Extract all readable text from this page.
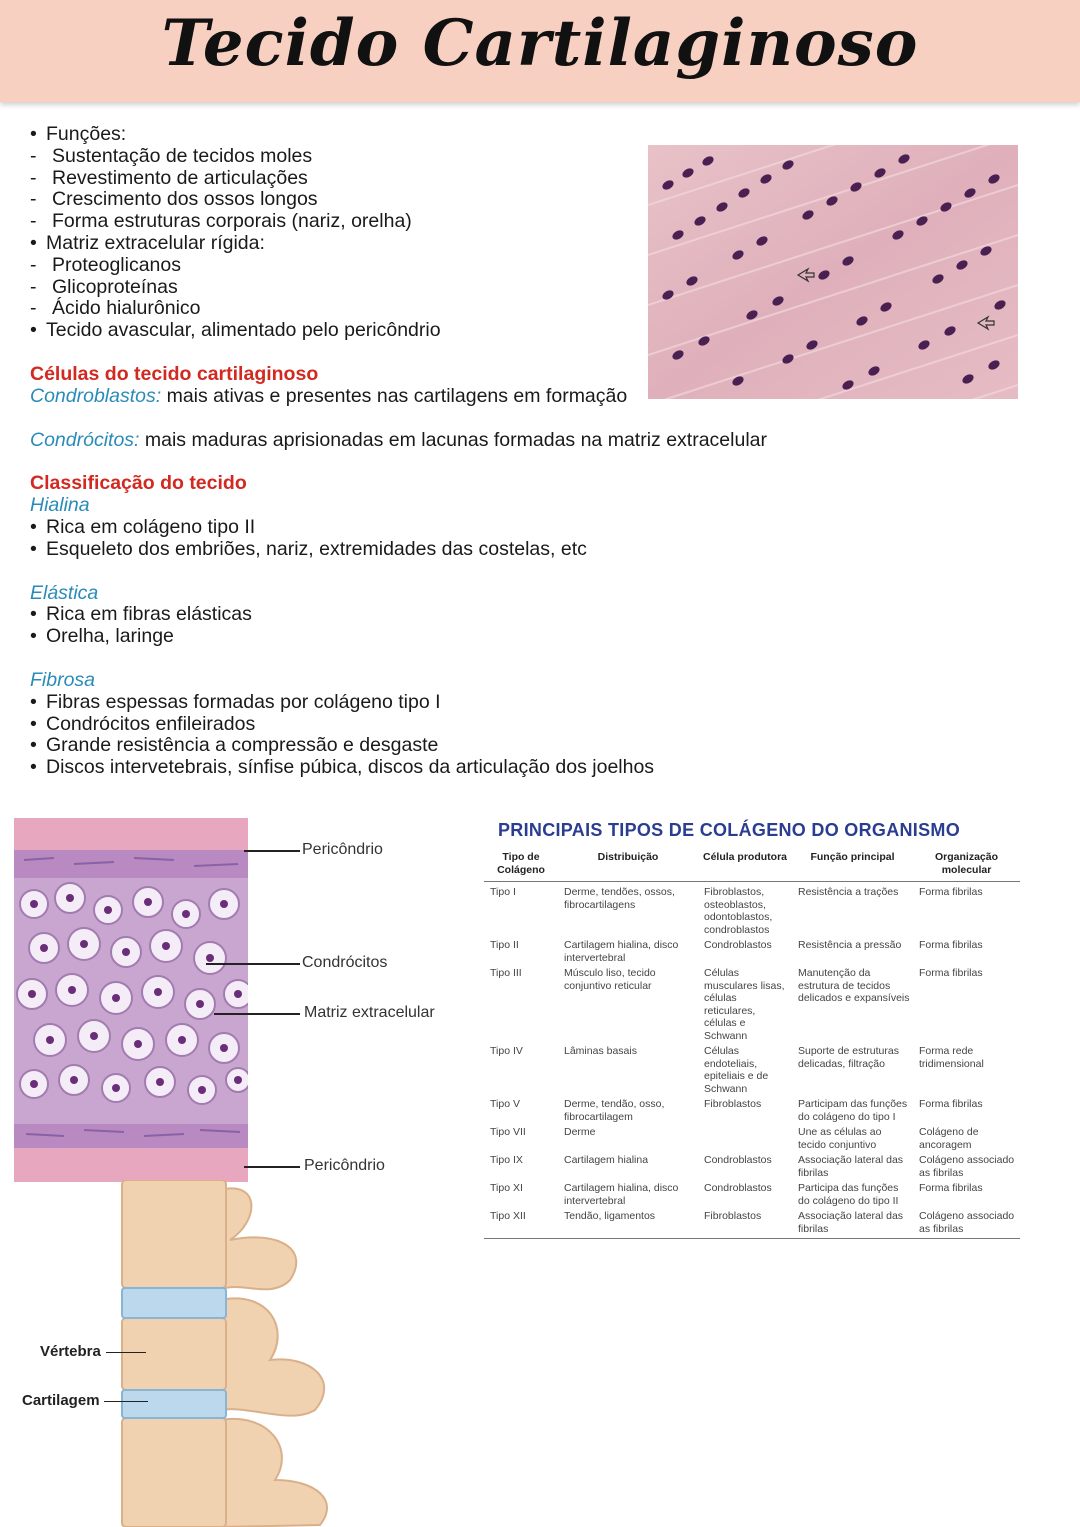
Tecido Cartilaginoso
• Funções:
- Sustentação de tecidos moles
- Revestimento de articulações
- Crescimento dos ossos longos
- Forma estruturas corporais (nariz, orelha)
• Matriz extracelular rígida:
- Proteoglicanos
- Glicoproteínas
- Ácido hialurônico
• Tecido avascular, alimentado pelo pericôndrio
Células do tecido cartilaginoso
Condroblastos: mais ativas e presentes nas cartilagens em formação
Condrócitos: mais maduras aprisionadas em lacunas formadas na matriz extracelular
Classificação do tecido
Hialina
• Rica em colágeno tipo II
• Esqueleto dos embriões, nariz, extremidades das costelas, etc
Elástica
• Rica em fibras elásticas
• Orelha, laringe
Fibrosa
• Fibras espessas formadas por colágeno tipo I
• Condrócitos enfileirados
• Grande resistência a compressão e desgaste
• Discos intervetebrais, sínfise púbica, discos da articulação dos joelhos
Pericôndrio
Condrócitos
Matriz extracelular
Pericôndrio
Vértebra
Cartilagem
PRINCIPAIS TIPOS DE COLÁGENO DO ORGANISMO
Tipo de Colágeno	Distribuição	Célula produtora	Função principal	Organização molecular
Tipo I	Derme, tendões, ossos, fibrocartilagens	Fibroblastos, osteoblastos, odontoblastos, condroblastos	Resistência a trações	Forma fibrilas
Tipo II	Cartilagem hialina, disco intervertebral	Condroblastos	Resistência a pressão	Forma fibrilas
Tipo III	Músculo liso, tecido conjuntivo reticular	Células musculares lisas, células reticulares, células e Schwann	Manutenção da estrutura de tecidos delicados e expansíveis	Forma fibrilas
Tipo IV	Lâminas basais	Células endoteliais, epiteliais e de Schwann	Suporte de estruturas delicadas, filtração	Forma rede tridimensional
Tipo V	Derme, tendão, osso, fibrocartilagem	Fibroblastos	Participam das funções do colágeno do tipo I	Forma fibrilas
Tipo VII	Derme		Une as células ao tecido conjuntivo	Colágeno de ancoragem
Tipo IX	Cartilagem hialina	Condroblastos	Associação lateral das fibrilas	Colágeno associado as fibrilas
Tipo XI	Cartilagem hialina, disco intervertebral	Condroblastos	Participa das funções do colágeno do tipo II	Forma fibrilas
Tipo XII	Tendão, ligamentos	Fibroblastos	Associação lateral das fibrilas	Colágeno associado as fibrilas
